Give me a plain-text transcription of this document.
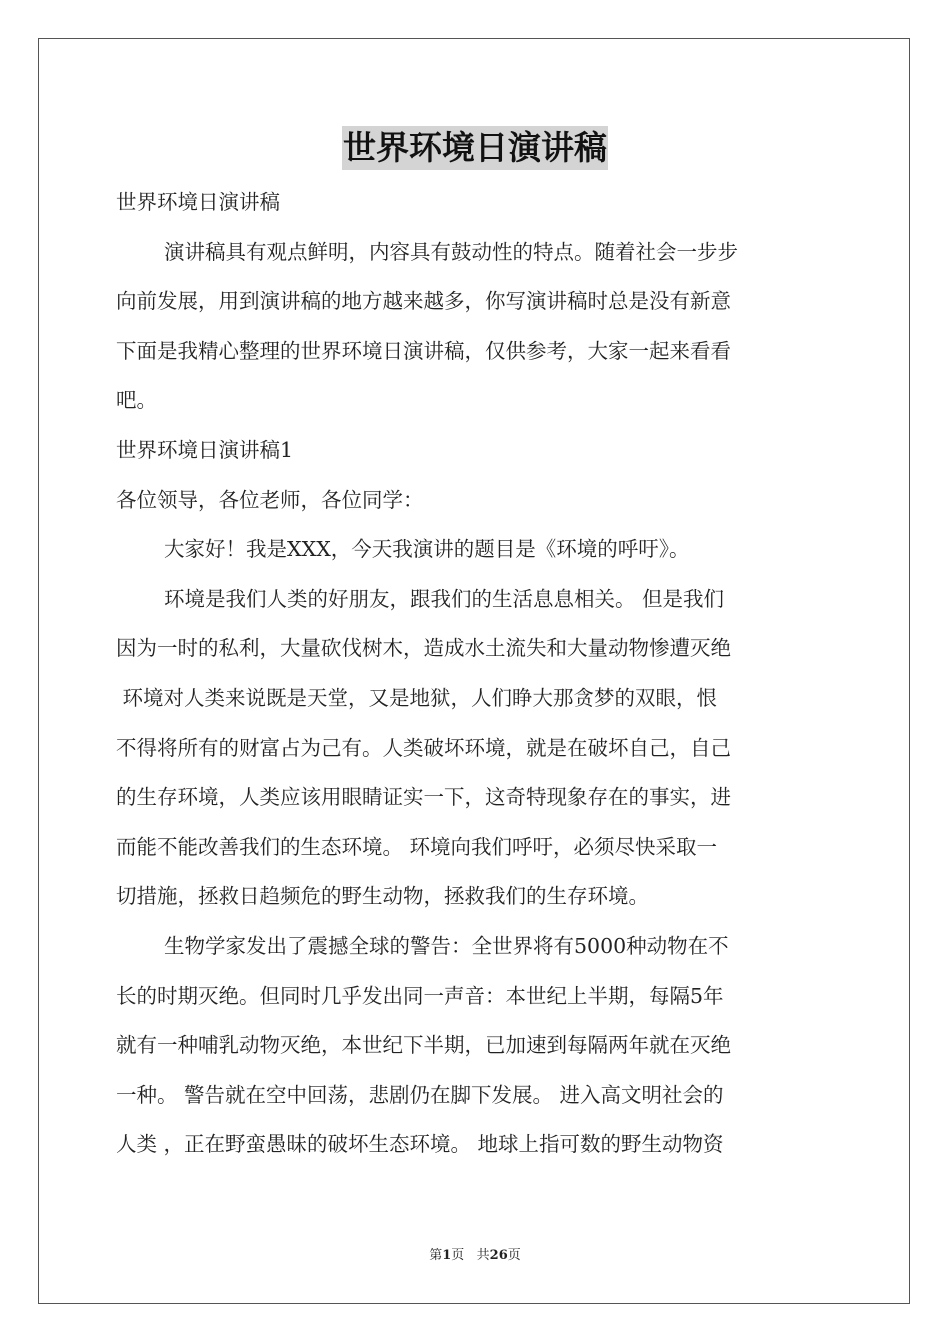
世界环境日演讲稿

世界环境日演讲稿

演讲稿具有观点鲜明，内容具有鼓动性的特点。随着社会一步步

向前发展，用到演讲稿的地方越来越多，你写演讲稿时总是没有新意

下面是我精心整理的世界环境日演讲稿，仅供参考，大家一起来看看

吧。

世界环境日演讲稿1

各位领导，各位老师，各位同学：

大家好！我是XXX，今天我演讲的题目是《环境的呼吁》。

环境是我们人类的好朋友，跟我们的生活息息相关。 但是我们

因为一时的私利，大量砍伐树木，造成水土流失和大量动物惨遭灭绝

环境对人类来说既是天堂，又是地狱，人们睁大那贪梦的双眼，恨

不得将所有的财富占为己有。人类破坏环境，就是在破坏自己，自己

的生存环境，人类应该用眼睛证实一下，这奇特现象存在的事实，进

而能不能改善我们的生态环境。 环境向我们呼吁，必须尽快采取一

切措施，拯救日趋频危的野生动物，拯救我们的生存环境。

生物学家发出了震撼全球的警告：全世界将有5000种动物在不

长的时期灭绝。但同时几乎发出同一声音：本世纪上半期，每隔5年

就有一种哺乳动物灭绝，本世纪下半期，已加速到每隔两年就在灭绝

一种。 警告就在空中回荡，悲剧仍在脚下发展。 进入高文明社会的

人类 ，正在野蛮愚昧的破坏生态环境。 地球上指可数的野生动物资

第1页   共26页
